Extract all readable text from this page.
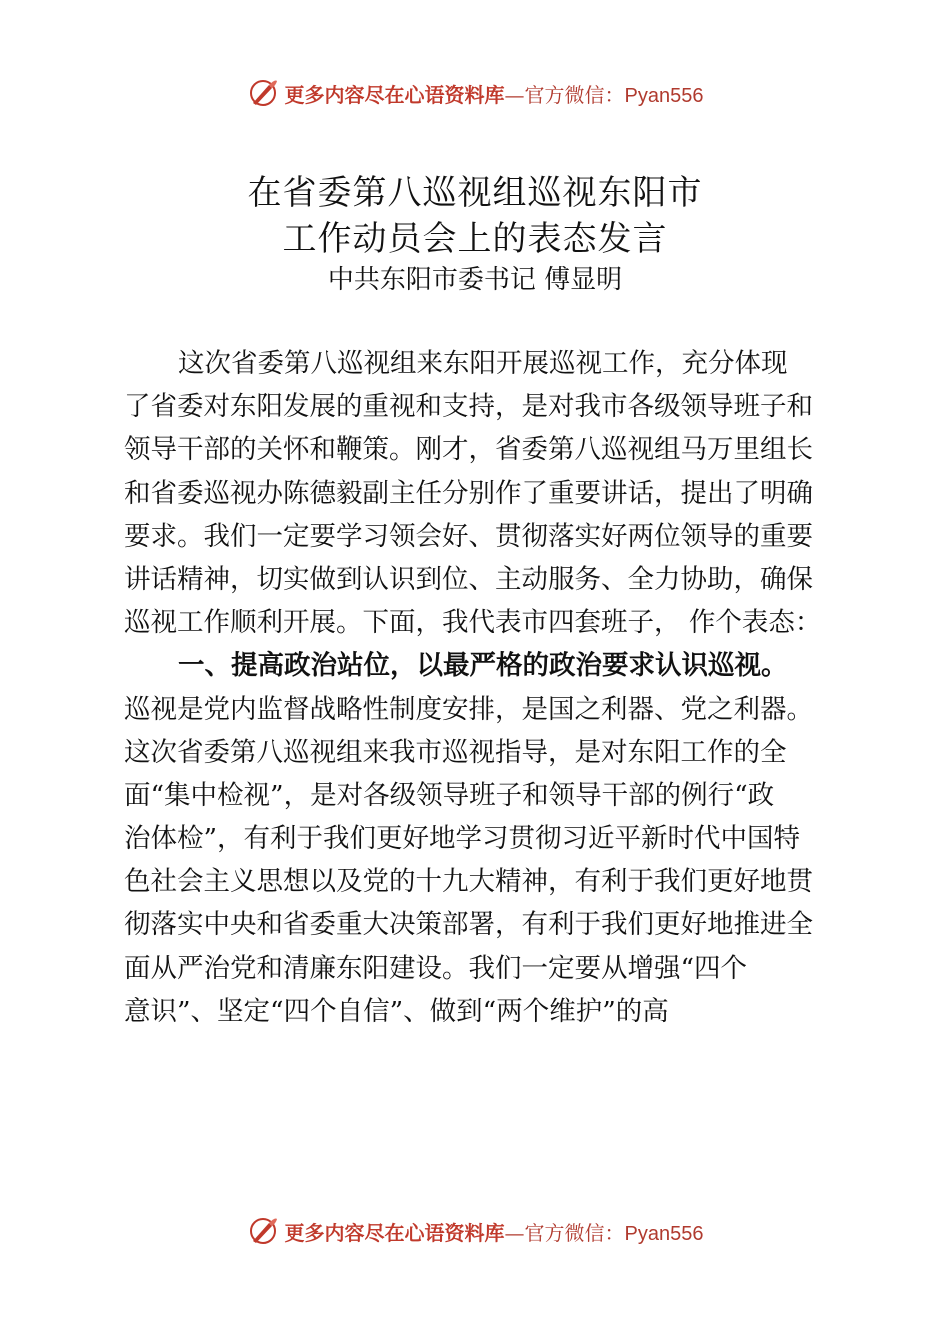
更多内容尽在心语资料库—官方微信：Pyan556
在省委第八巡视组巡视东阳市
工作动员会上的表态发言
中共东阳市委书记 傅显明
这次省委第八巡视组来东阳开展巡视工作，充分体现
了省委对东阳发展的重视和支持，是对我市各级领导班子和
领导干部的关怀和鞭策。刚才，省委第八巡视组马万里组长
和省委巡视办陈德毅副主任分别作了重要讲话，提出了明确
要求。我们一定要学习领会好、贯彻落实好两位领导的重要
讲话精神，切实做到认识到位、主动服务、全力协助，确保
巡视工作顺利开展。下面，我代表市四套班子， 作个表态：
一、提高政治站位，以最严格的政治要求认识巡视。
巡视是党内监督战略性制度安排，是国之利器、党之利器。
这次省委第八巡视组来我市巡视指导，是对东阳工作的全
面“集中检视”，是对各级领导班子和领导干部的例行“政
治体检”，有利于我们更好地学习贯彻习近平新时代中国特
色社会主义思想以及党的十九大精神，有利于我们更好地贯
彻落实中央和省委重大决策部署，有利于我们更好地推进全
面从严治党和清廉东阳建设。我们一定要从增强“四个
意识”、坚定“四个自信”、做到“两个维护”的高
更多内容尽在心语资料库—官方微信：Pyan556
